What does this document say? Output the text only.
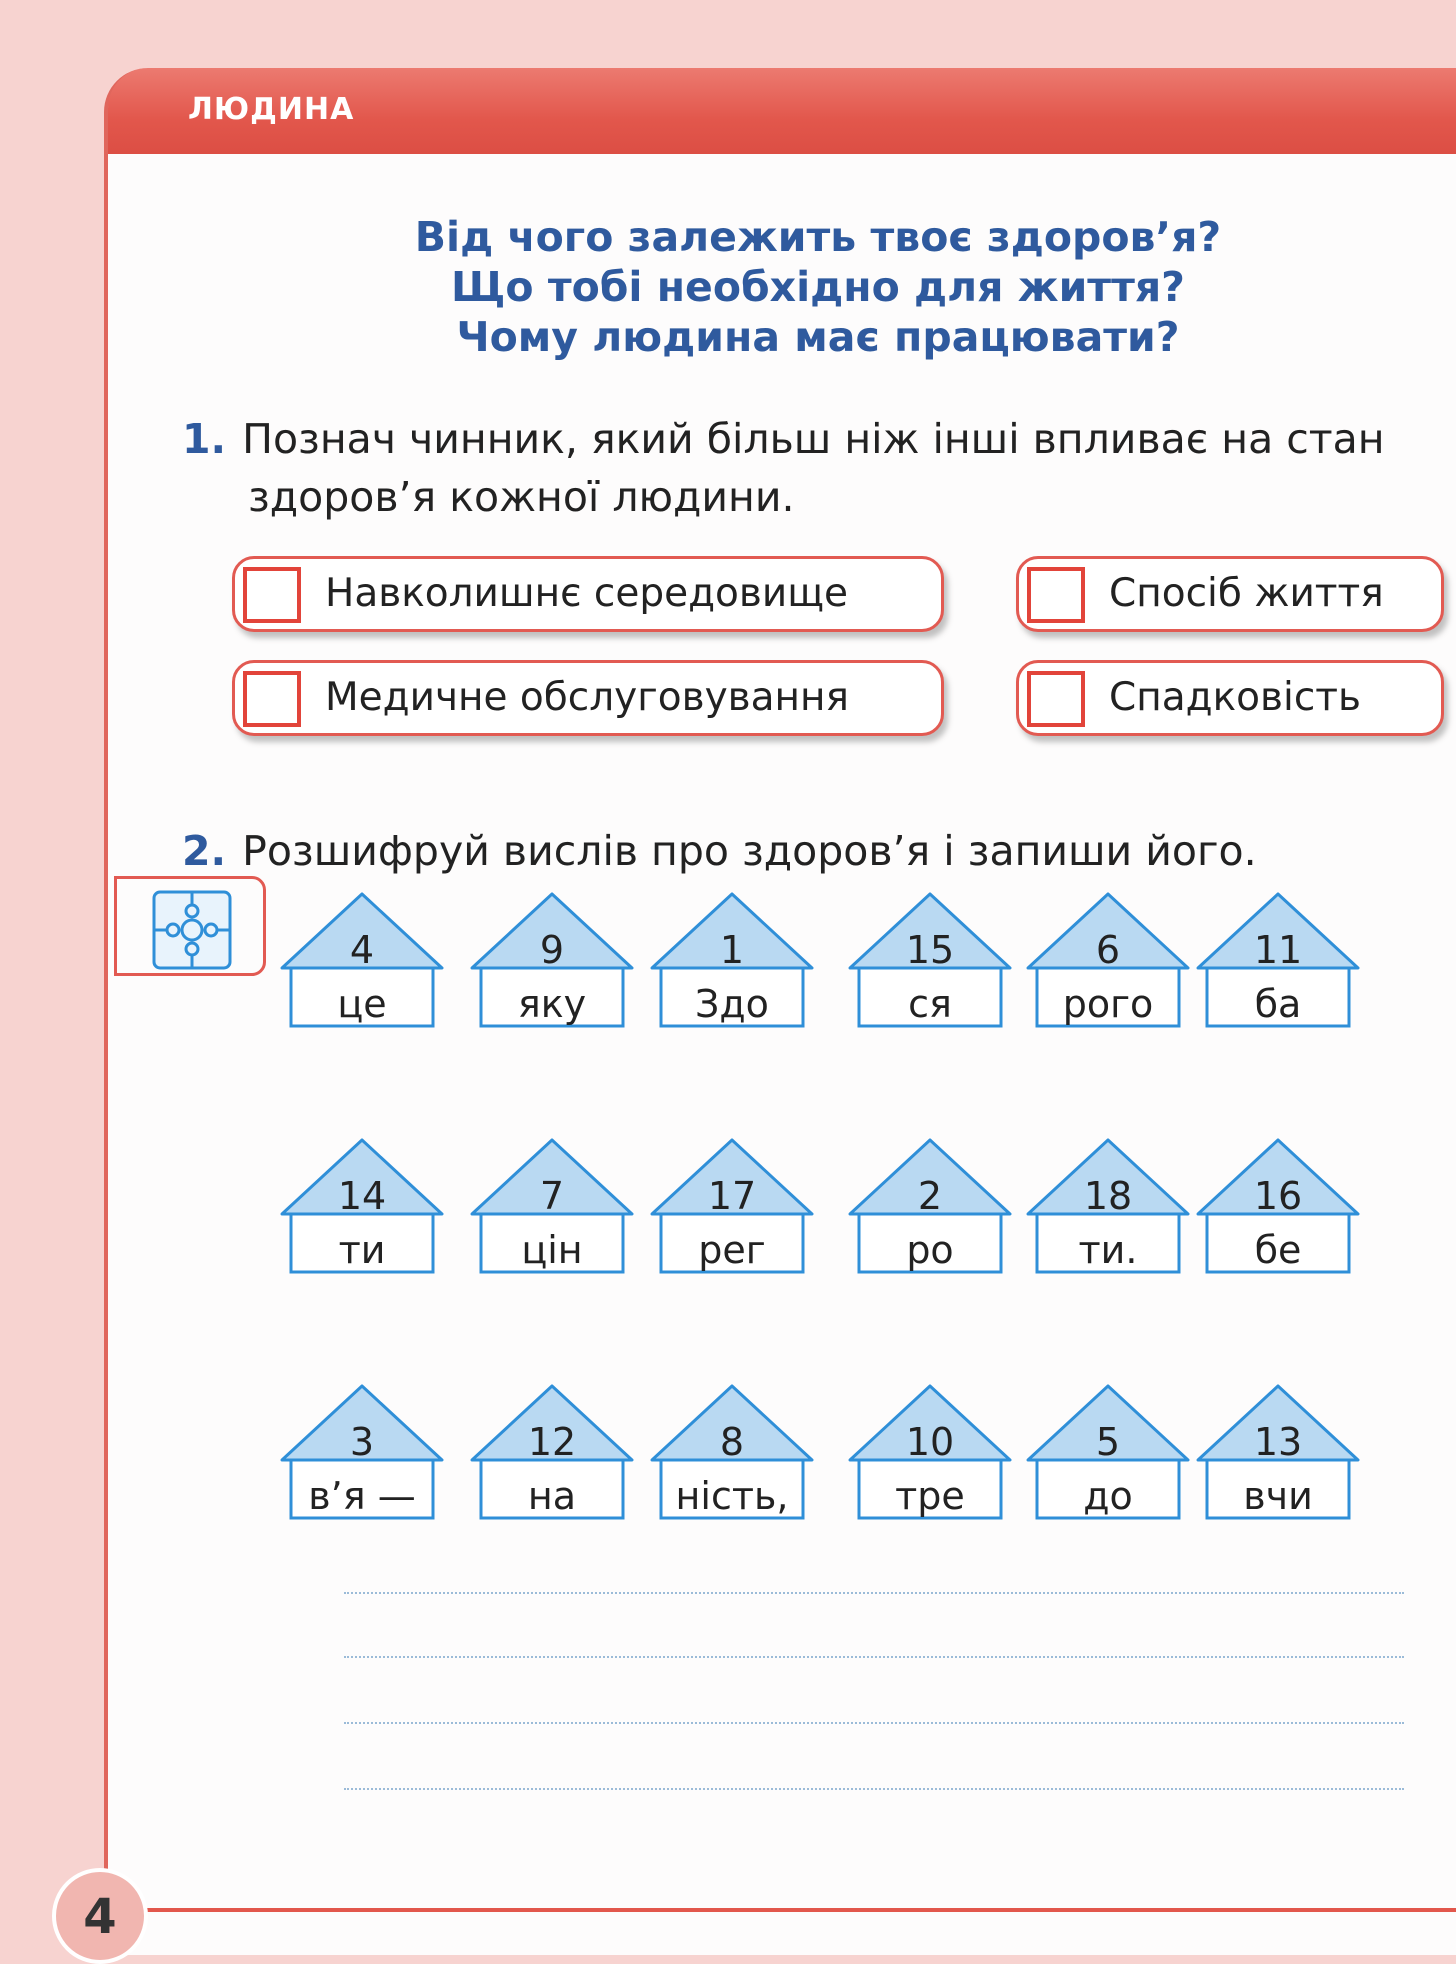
ЛЮДИНА
Від чого залежить твоє здоров’я?
Що тобі необхідно для життя?
Чому людина має працювати?
1. Познач чинник, який більш ніж інші впливає на стан
здоров’я кожної людини.
Навколишнє середовище	Спосіб життя
Медичне обслуговування	Спадковість
2. Розшифруй вислів про здоров’я і запиши його.
4
це
9
яку
1
Здо
15
ся
6
рого
11
ба
14
ти
7
цін
17
рег
2
ро
18
ти.
16
бе
3
в’я —
12
на
8
ність,
10
тре
5
до
13
вчи
4
